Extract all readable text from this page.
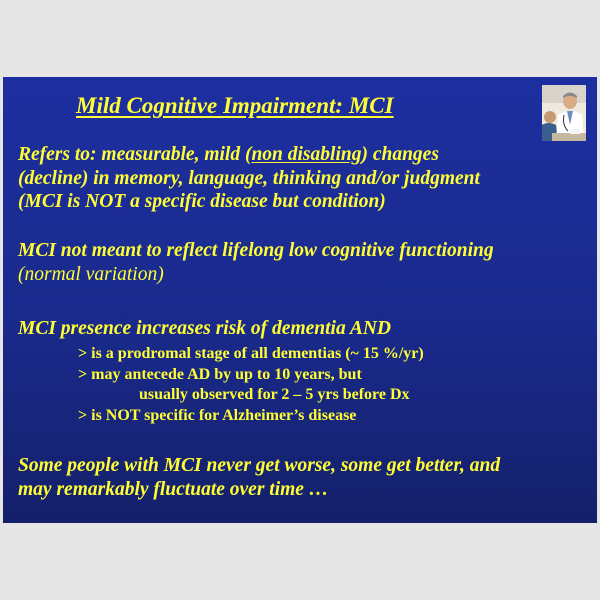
Mild Cognitive Impairment: MCI
Refers to: measurable, mild (non disabling) changes
(decline) in memory, language, thinking and/or judgment
(MCI is NOT a specific disease but condition)
MCI not meant to reflect lifelong low cognitive functioning
(normal variation)
MCI presence increases risk of dementia AND
> is a prodromal stage of all dementias (~ 15 %/yr)
> may antecede AD by up to 10 years, but
usually observed for 2 – 5 yrs before Dx
> is NOT specific for Alzheimer’s disease
Some people with MCI never get worse, some get better, and
may remarkably fluctuate over time …
